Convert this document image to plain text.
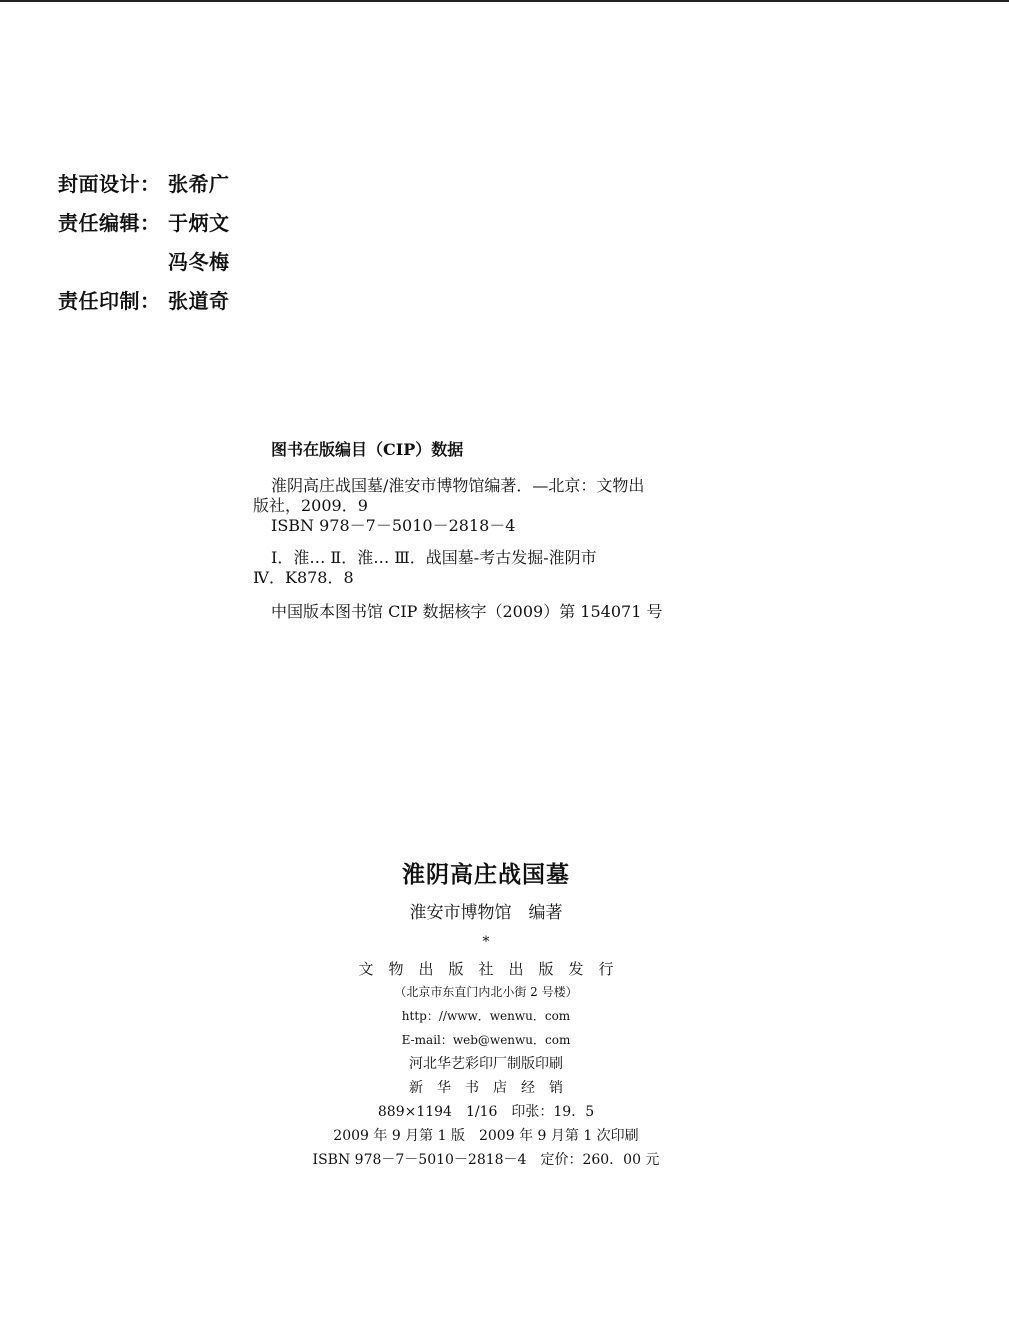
封面设计： 张希广
责任编辑： 于炳文
冯冬梅
责任印制： 张道奇
图书在版编目（CIP）数据
淮阴高庄战国墓/淮安市博物馆编著．—北京：文物出
版社，2009．9
ISBN 978－7－5010－2818－4
Ⅰ．淮… Ⅱ．淮… Ⅲ．战国墓-考古发掘-淮阴市
Ⅳ．K878．8
中国版本图书馆 CIP 数据核字（2009）第 154071 号
淮阴高庄战国墓
淮安市博物馆　编著
*
文物出版社出版发行
（北京市东直门内北小街 2 号楼）
http：//www．wenwu．com
E-mail：web@wenwu．com
河北华艺彩印厂制版印刷
新华书店经销
889×1194　1/16　印张：19．5
2009 年 9 月第 1 版　2009 年 9 月第 1 次印刷
ISBN 978－7－5010－2818－4　定价：260．00 元
